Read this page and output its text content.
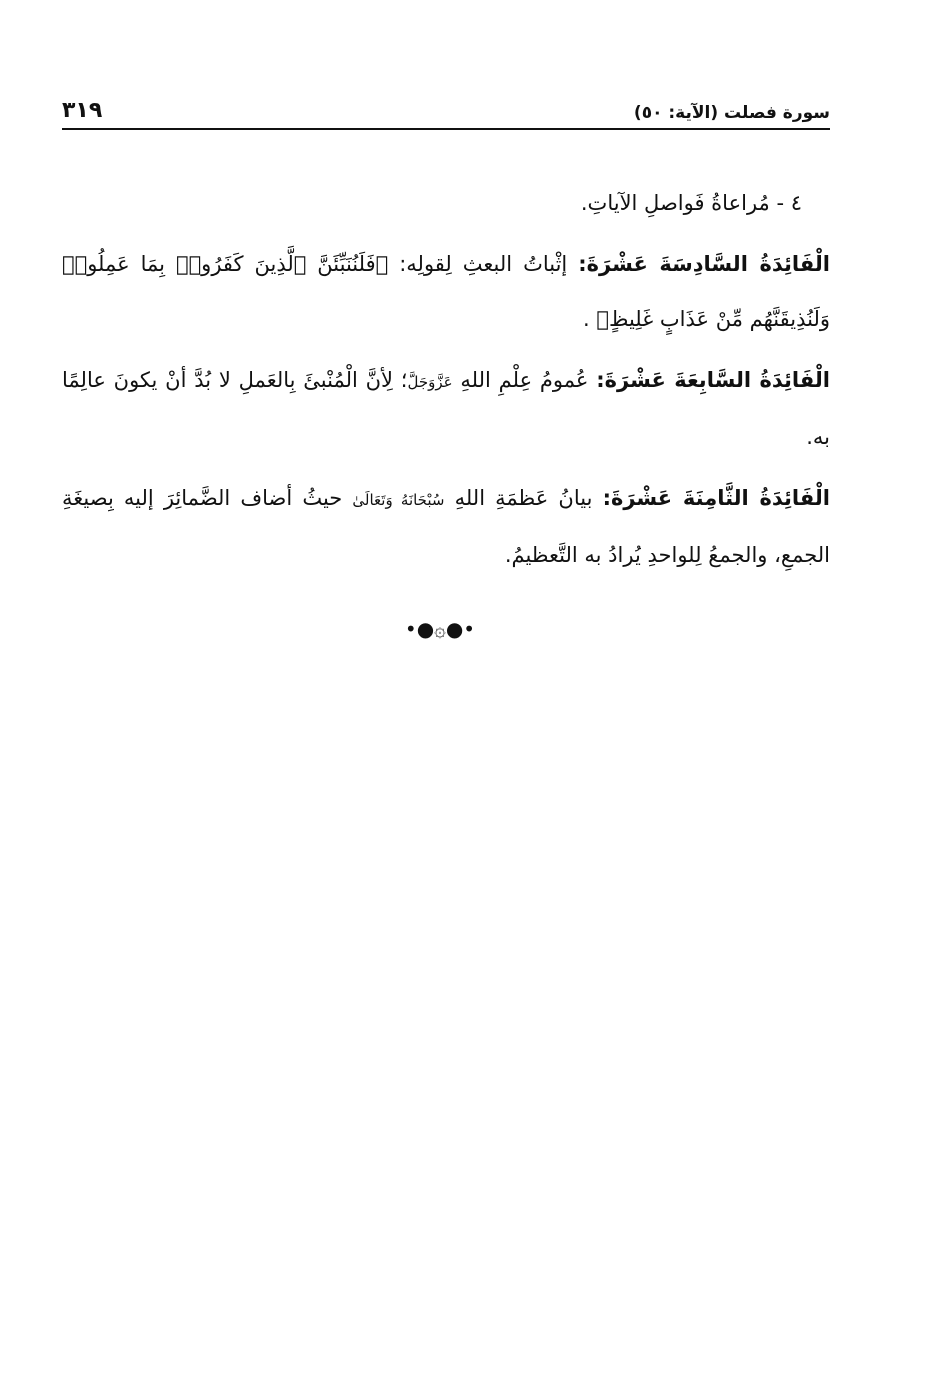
سورة فصلت (الآية: ٥٠)
٣١٩

٤ - مُراعاةُ فَواصلِ الآياتِ.

الْفَائِدَةُ السَّادِسَةَ عَشْرَةَ: إثْباتُ البعثِ لِقولِه: ﴿فَلَنُنَبِّئَنَّ ٱلَّذِينَ كَفَرُوا۟ بِمَا عَمِلُوا۟ وَلَنُذِيقَنَّهُم مِّنْ عَذَابٍ غَلِيظٍ﴾ .

الْفَائِدَةُ السَّابِعَةَ عَشْرَةَ: عُمومُ عِلْمِ اللهِ عَزَّوَجَلَّ؛ لِأنَّ الْمُنْبئَ بِالعَملِ لا بُدَّ أنْ يكونَ عالِمًا به.

الْفَائِدَةُ الثَّامِنَةَ عَشْرَةَ: بيانُ عَظمَةِ اللهِ سُبْحَانَهُ وَتَعَالَىٰ حيثُ أضاف الضَّمائِرَ إليه بِصيغَةِ الجمعِ، والجمعُ لِلواحدِ يُرادُ به التَّعظيمُ.

•●۞●•
